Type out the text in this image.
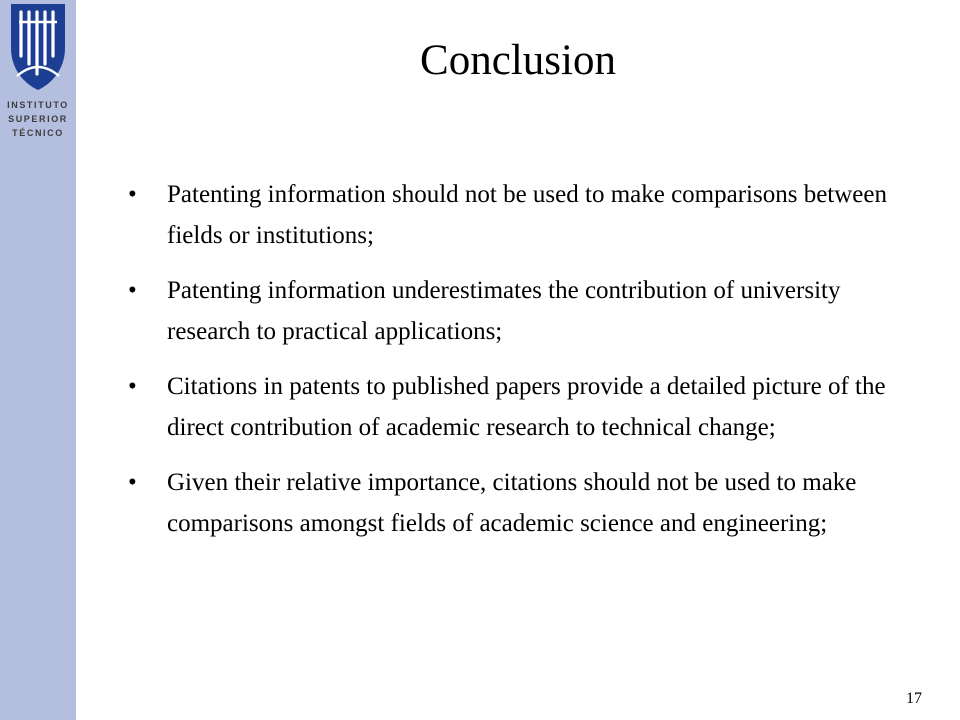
INSTITUTO
SUPERIOR
TÉCNICO
Conclusion
• Patenting information should not be used to make comparisons between fields or institutions;
• Patenting information underestimates the contribution of university research to practical applications;
• Citations in patents to published papers provide a detailed picture of the direct contribution of academic research to technical change;
• Given their relative importance, citations should not be used to make comparisons amongst fields of academic science and engineering;
17
